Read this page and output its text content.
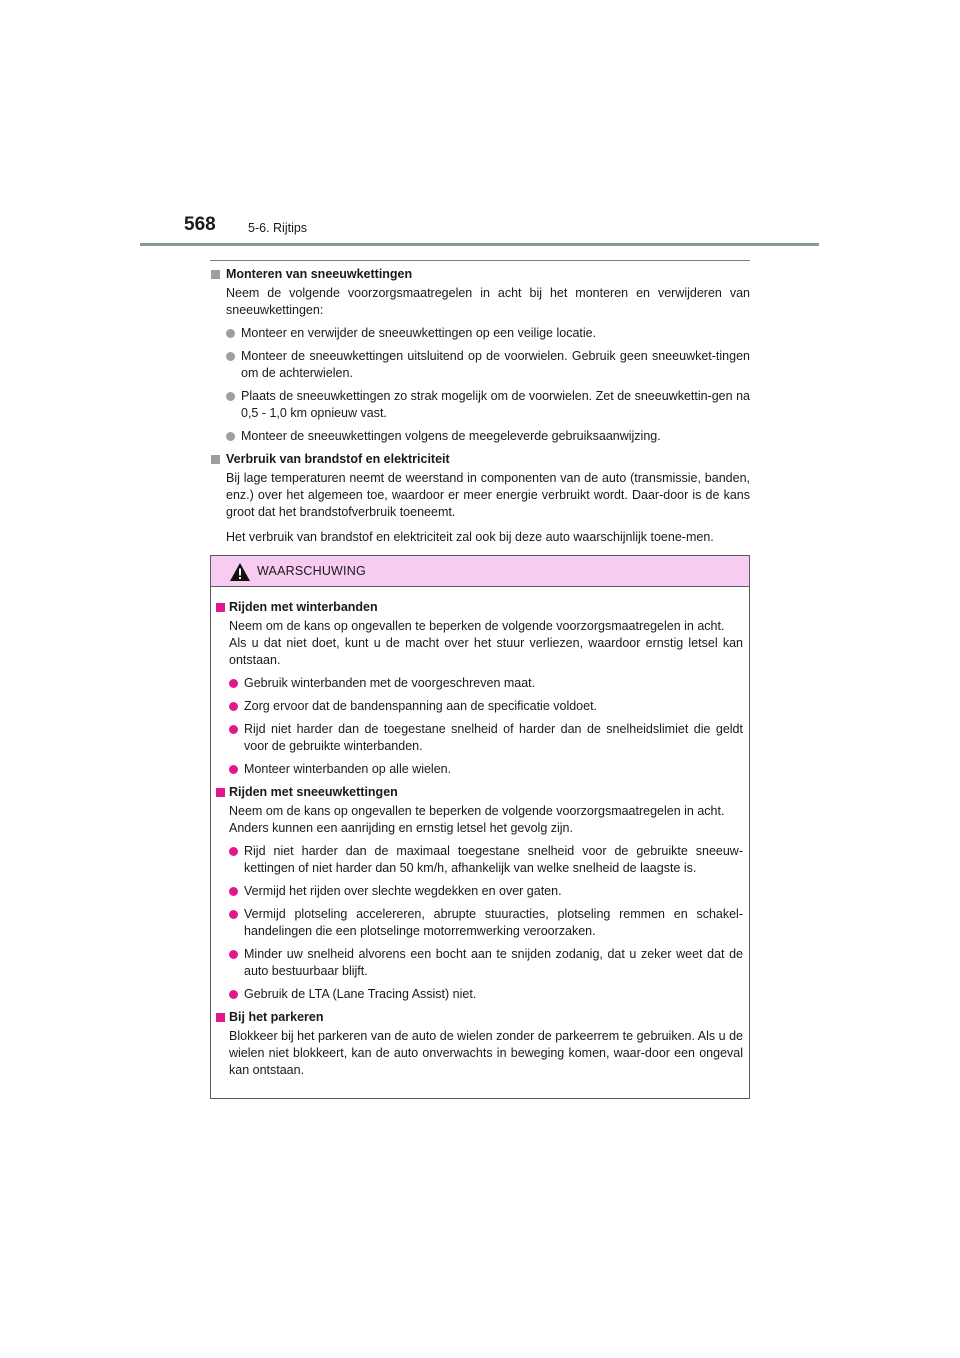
568	5-6. Rijtips
Monteren van sneeuwkettingen
Neem de volgende voorzorgsmaatregelen in acht bij het monteren en verwijderen van sneeuwkettingen:
Monteer en verwijder de sneeuwkettingen op een veilige locatie.
Monteer de sneeuwkettingen uitsluitend op de voorwielen. Gebruik geen sneeuwket-tingen om de achterwielen.
Plaats de sneeuwkettingen zo strak mogelijk om de voorwielen. Zet de sneeuwkettin-gen na 0,5 - 1,0 km opnieuw vast.
Monteer de sneeuwkettingen volgens de meegeleverde gebruiksaanwijzing.
Verbruik van brandstof en elektriciteit
Bij lage temperaturen neemt de weerstand in componenten van de auto (transmissie, banden, enz.) over het algemeen toe, waardoor er meer energie verbruikt wordt. Daar-door is de kans groot dat het brandstofverbruik toeneemt.
Het verbruik van brandstof en elektriciteit zal ook bij deze auto waarschijnlijk toene-men.
WAARSCHUWING
Rijden met winterbanden
Neem om de kans op ongevallen te beperken de volgende voorzorgsmaatregelen in acht.
Als u dat niet doet, kunt u de macht over het stuur verliezen, waardoor ernstig letsel kan ontstaan.
Gebruik winterbanden met de voorgeschreven maat.
Zorg ervoor dat de bandenspanning aan de specificatie voldoet.
Rijd niet harder dan de toegestane snelheid of harder dan de snelheidslimiet die geldt voor de gebruikte winterbanden.
Monteer winterbanden op alle wielen.
Rijden met sneeuwkettingen
Neem om de kans op ongevallen te beperken de volgende voorzorgsmaatregelen in acht.
Anders kunnen een aanrijding en ernstig letsel het gevolg zijn.
Rijd niet harder dan de maximaal toegestane snelheid voor de gebruikte sneeuw-kettingen of niet harder dan 50 km/h, afhankelijk van welke snelheid de laagste is.
Vermijd het rijden over slechte wegdekken en over gaten.
Vermijd plotseling accelereren, abrupte stuuracties, plotseling remmen en schakel-handelingen die een plotselinge motorremwerking veroorzaken.
Minder uw snelheid alvorens een bocht aan te snijden zodanig, dat u zeker weet dat de auto bestuurbaar blijft.
Gebruik de LTA (Lane Tracing Assist) niet.
Bij het parkeren
Blokkeer bij het parkeren van de auto de wielen zonder de parkeerrem te gebruiken. Als u de wielen niet blokkeert, kan de auto onverwachts in beweging komen, waar-door een ongeval kan ontstaan.
